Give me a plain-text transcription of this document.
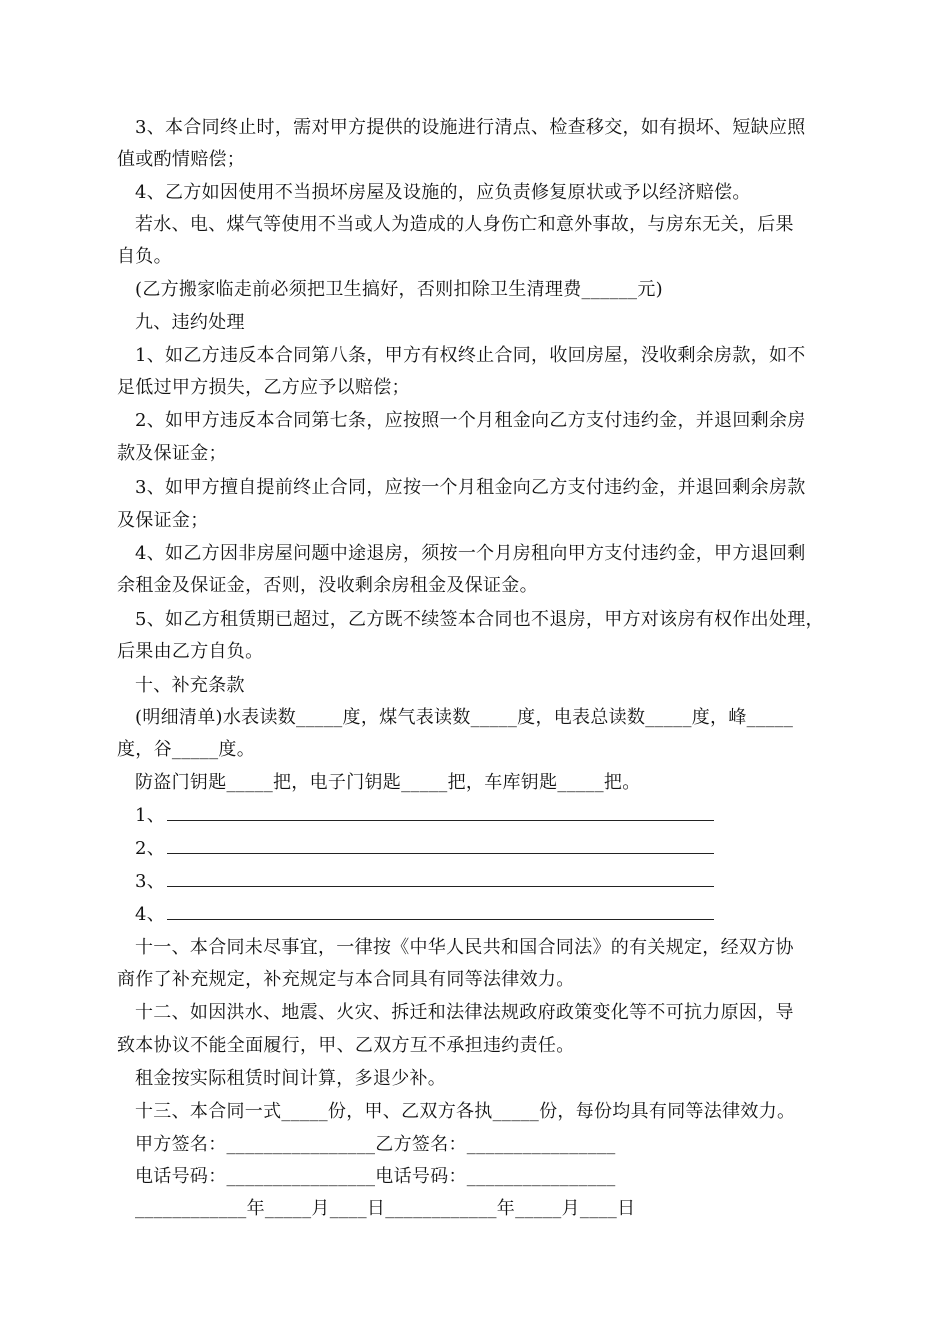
3、本合同终止时，需对甲方提供的设施进行清点、检查移交，如有损坏、短缺应照
值或酌情赔偿；
4、乙方如因使用不当损坏房屋及设施的，应负责修复原状或予以经济赔偿。
若水、电、煤气等使用不当或人为造成的人身伤亡和意外事故，与房东无关，后果
自负。
(乙方搬家临走前必须把卫生搞好，否则扣除卫生清理费______元)
九、违约处理
1、如乙方违反本合同第八条，甲方有权终止合同，收回房屋，没收剩余房款，如不
足低过甲方损失，乙方应予以赔偿；
2、如甲方违反本合同第七条，应按照一个月租金向乙方支付违约金，并退回剩余房
款及保证金；
3、如甲方擅自提前终止合同，应按一个月租金向乙方支付违约金，并退回剩余房款
及保证金；
4、如乙方因非房屋问题中途退房，须按一个月房租向甲方支付违约金，甲方退回剩
余租金及保证金，否则，没收剩余房租金及保证金。
5、如乙方租赁期已超过，乙方既不续签本合同也不退房，甲方对该房有权作出处理，
后果由乙方自负。
十、补充条款
(明细清单)水表读数_____度，煤气表读数_____度，电表总读数_____度，峰_____
度，谷_____度。
防盗门钥匙_____把，电子门钥匙_____把，车库钥匙_____把。
1、
2、
3、
4、
十一、本合同未尽事宜，一律按《中华人民共和国合同法》的有关规定，经双方协
商作了补充规定，补充规定与本合同具有同等法律效力。
十二、如因洪水、地震、火灾、拆迁和法律法规政府政策变化等不可抗力原因，导
致本协议不能全面履行，甲、乙双方互不承担违约责任。
租金按实际租赁时间计算，多退少补。
十三、本合同一式_____份，甲、乙双方各执_____份，每份均具有同等法律效力。
甲方签名：________________乙方签名：________________
电话号码：________________电话号码：________________
____________年_____月____日____________年_____月____日
